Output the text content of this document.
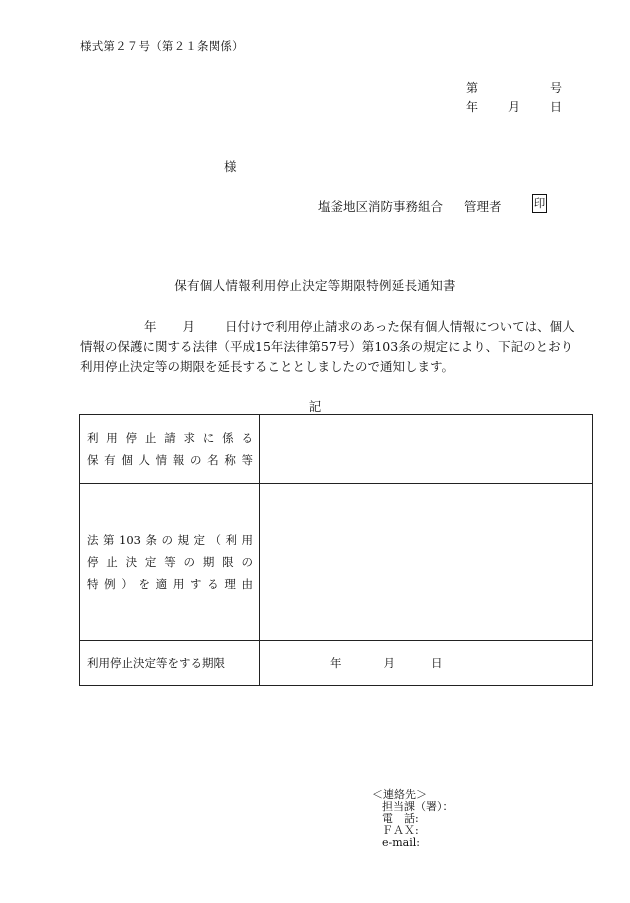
様式第２７号（第２１条関係）
第	号
年 月 日
様
塩釜地区消防事務組合 管理者	印
保有個人情報利用停止決定等期限特例延長通知書
年 月 日付けで利用停止請求のあった保有個人情報については、個人
情報の保護に関する法律（平成15年法律第57号）第103条の規定により、下記のとおり
利用停止決定等の期限を延長することとしましたので通知します。
記
利用停止請求に係る
保有個人情報の名称等	

法第103条の規定（利用
停止決定等の期限の
特例）を適用する理由	

利用停止決定等をする期限	年 月 日
＜連絡先＞
担当課（署）：
電　話:
ＦＡＸ:
e-mail:
